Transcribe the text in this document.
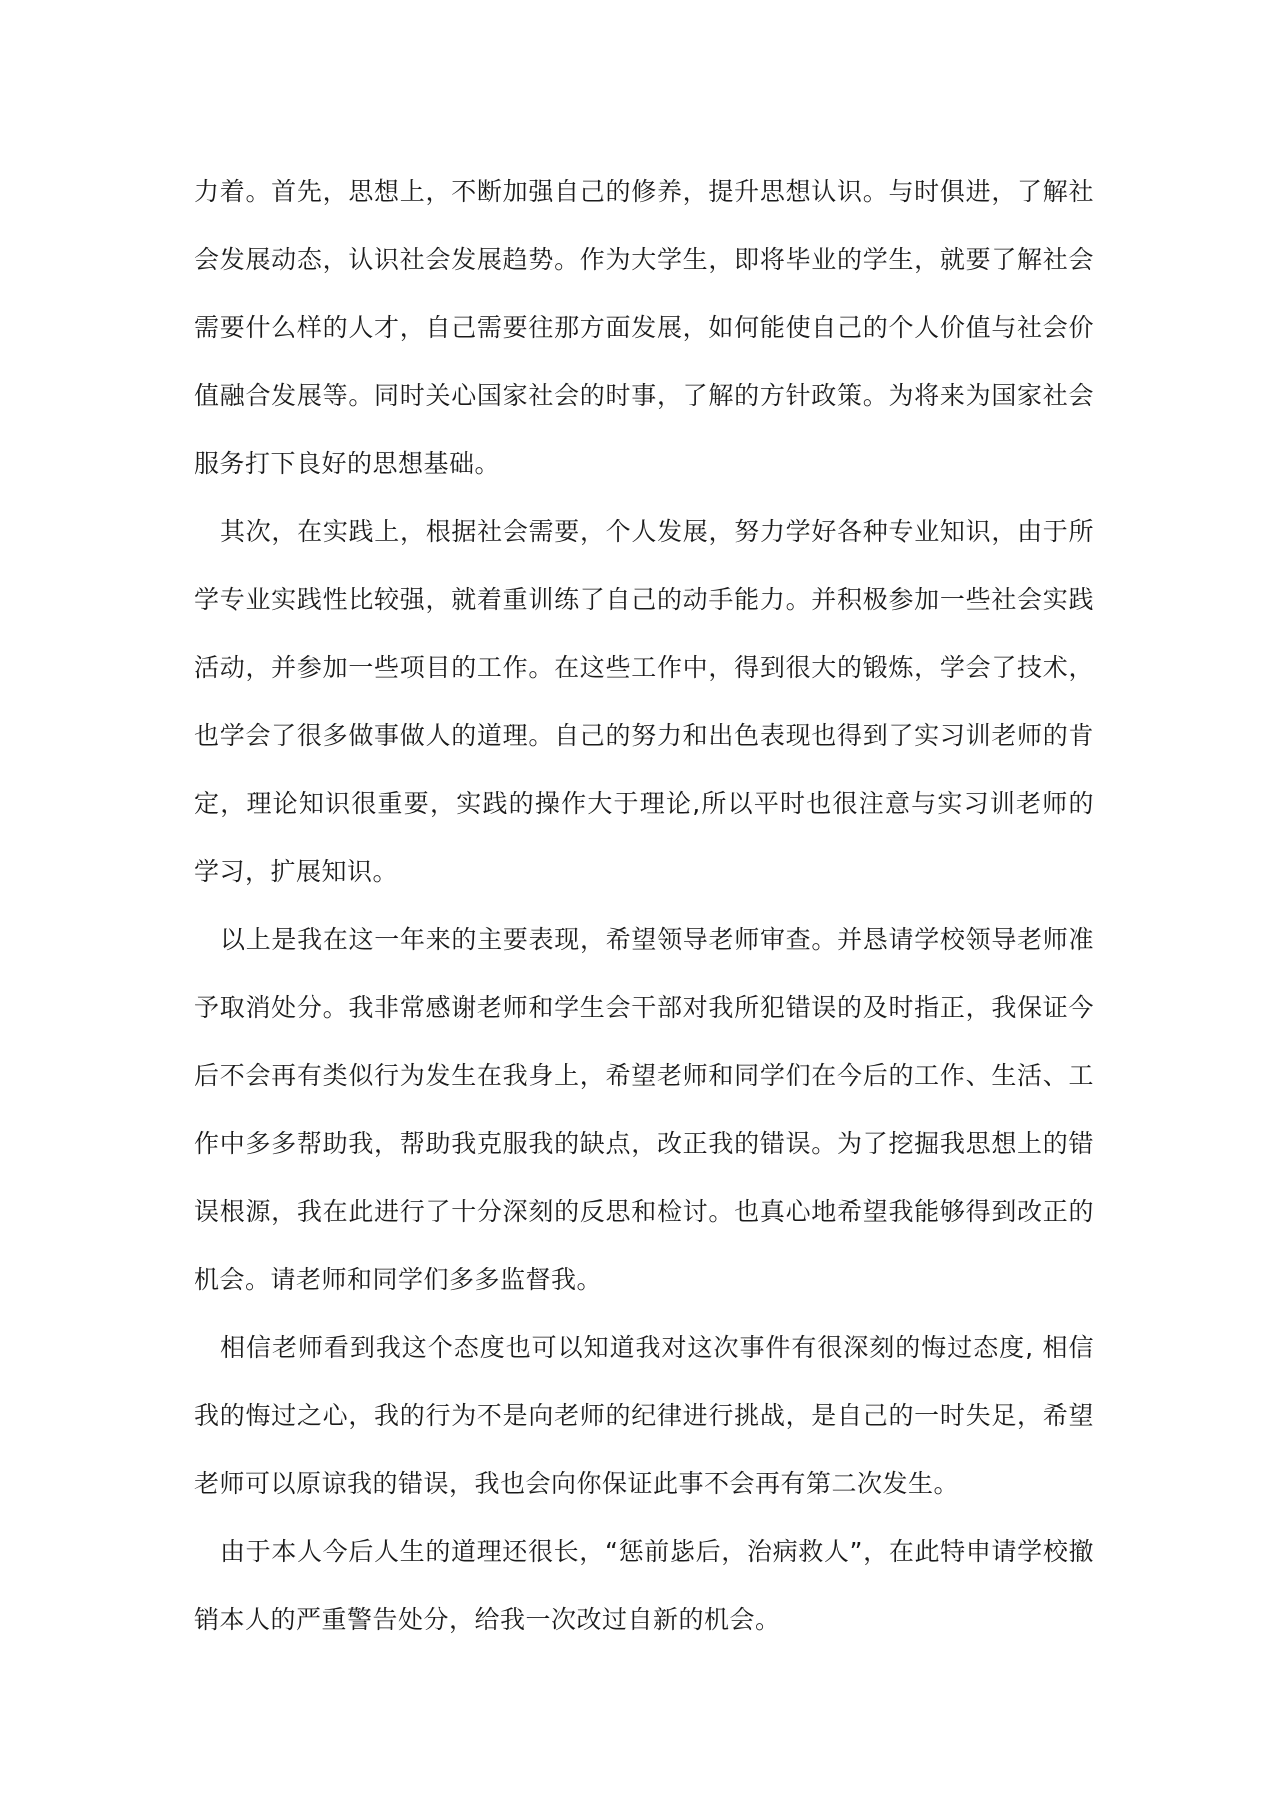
力着。首先，思想上，不断加强自己的修养，提升思想认识。与时俱进，了解社会发展动态，认识社会发展趋势。作为大学生，即将毕业的学生，就要了解社会需要什么样的人才，自己需要往那方面发展，如何能使自己的个人价值与社会价值融合发展等。同时关心国家社会的时事，了解的方针政策。为将来为国家社会服务打下良好的思想基础。

其次，在实践上，根据社会需要，个人发展，努力学好各种专业知识，由于所学专业实践性比较强，就着重训练了自己的动手能力。并积极参加一些社会实践活动，并参加一些项目的工作。在这些工作中，得到很大的锻炼，学会了技术，也学会了很多做事做人的道理。自己的努力和出色表现也得到了实习训老师的肯定，理论知识很重要，实践的操作大于理论,所以平时也很注意与实习训老师的学习，扩展知识。

以上是我在这一年来的主要表现，希望领导老师审查。并恳请学校领导老师准予取消处分。我非常感谢老师和学生会干部对我所犯错误的及时指正，我保证今后不会再有类似行为发生在我身上，希望老师和同学们在今后的工作、生活、工作中多多帮助我，帮助我克服我的缺点，改正我的错误。为了挖掘我思想上的错误根源，我在此进行了十分深刻的反思和检讨。也真心地希望我能够得到改正的机会。请老师和同学们多多监督我。

相信老师看到我这个态度也可以知道我对这次事件有很深刻的悔过态度, 相信我的悔过之心，我的行为不是向老师的纪律进行挑战，是自己的一时失足，希望老师可以原谅我的错误，我也会向你保证此事不会再有第二次发生。

由于本人今后人生的道理还很长，“惩前毖后，治病救人”，在此特申请学校撤销本人的严重警告处分，给我一次改过自新的机会。
